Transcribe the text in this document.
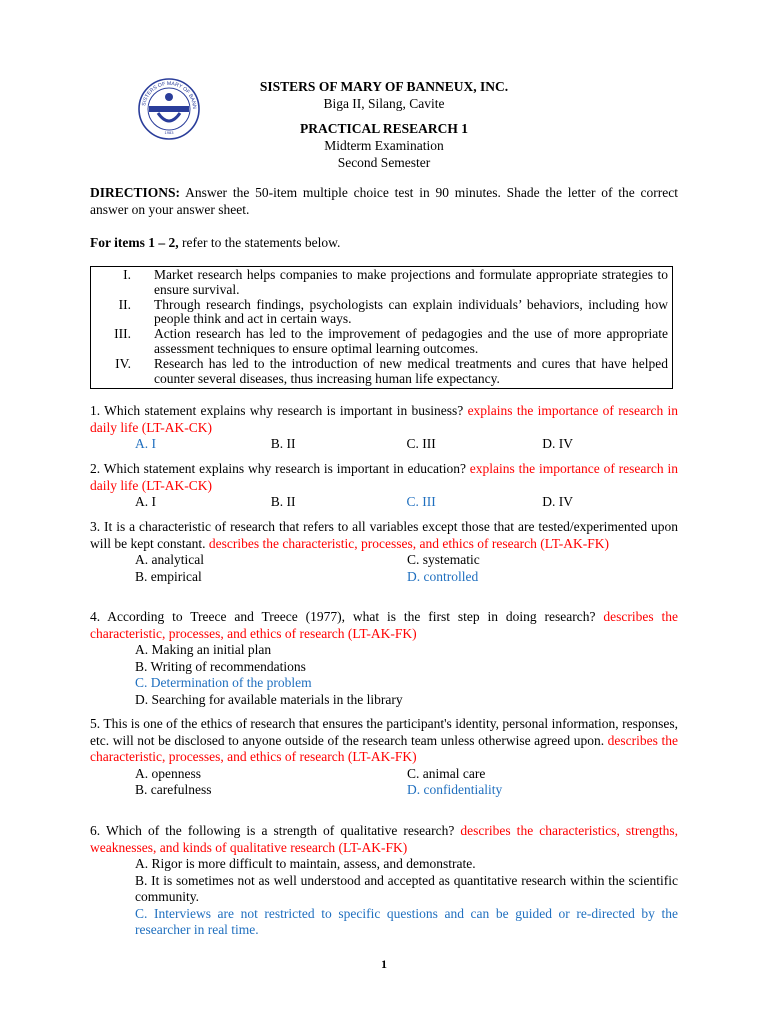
SISTERS OF MARY OF BANN
1983
SISTERS OF MARY OF BANNEUX, INC.
Biga II, Silang, Cavite
PRACTICAL RESEARCH 1
Midterm Examination
Second Semester
DIRECTIONS: Answer the 50-item multiple choice test in 90 minutes. Shade the letter of the correct answer on your answer sheet.
For items 1 – 2, refer to the statements below.
I. Market research helps companies to make projections and formulate appropriate strategies to ensure survival.
II. Through research findings, psychologists can explain individuals’ behaviors, including how people think and act in certain ways.
III. Action research has led to the improvement of pedagogies and the use of more appropriate assessment techniques to ensure optimal learning outcomes.
IV. Research has led to the introduction of new medical treatments and cures that have helped counter several diseases, thus increasing human life expectancy.
1. Which statement explains why research is important in business? explains the importance of research in daily life (LT-AK-CK)
A. I	B. II	C. III	D. IV
2. Which statement explains why research is important in education? explains the importance of research in daily life (LT-AK-CK)
A. I	B. II	C. III	D. IV
3. It is a characteristic of research that refers to all variables except those that are tested/experimented upon will be kept constant. describes the characteristic, processes, and ethics of research (LT-AK-FK)
A. analytical	C. systematic
B. empirical	D. controlled
4. According to Treece and Treece (1977), what is the first step in doing research? describes the characteristic, processes, and ethics of research (LT-AK-FK)
A. Making an initial plan
B. Writing of recommendations
C. Determination of the problem
D. Searching for available materials in the library
5. This is one of the ethics of research that ensures the participant's identity, personal information, responses, etc. will not be disclosed to anyone outside of the research team unless otherwise agreed upon. describes the characteristic, processes, and ethics of research (LT-AK-FK)
A. openness	C. animal care
B. carefulness	D. confidentiality
6. Which of the following is a strength of qualitative research? describes the characteristics, strengths, weaknesses, and kinds of qualitative research (LT-AK-FK)
A. Rigor is more difficult to maintain, assess, and demonstrate.
B. It is sometimes not as well understood and accepted as quantitative research within the scientific community.
C. Interviews are not restricted to specific questions and can be guided or re-directed by the researcher in real time.
1
